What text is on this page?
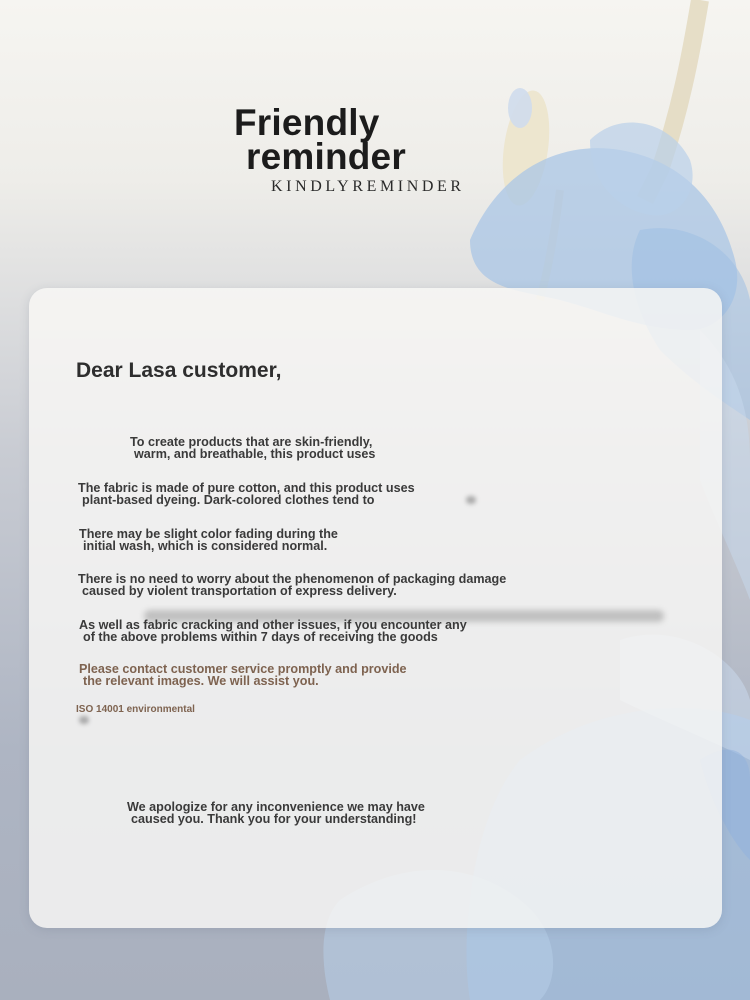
Friendly
reminder
KINDLYREMINDER
Dear Lasa customer,
To create products that are skin-friendly,
warm, and breathable, this product uses
The fabric is made of pure cotton, and this product uses
plant-based dyeing. Dark-colored clothes tend to
There may be slight color fading during the
initial wash, which is considered normal.
There is no need to worry about the phenomenon of packaging damage
caused by violent transportation of express delivery.
As well as fabric cracking and other issues, if you encounter any
of the above problems within 7 days of receiving the goods
Please contact customer service promptly and provide
the relevant images. We will assist you.
ISO 14001 environmental
We apologize for any inconvenience we may have
caused you. Thank you for your understanding!
